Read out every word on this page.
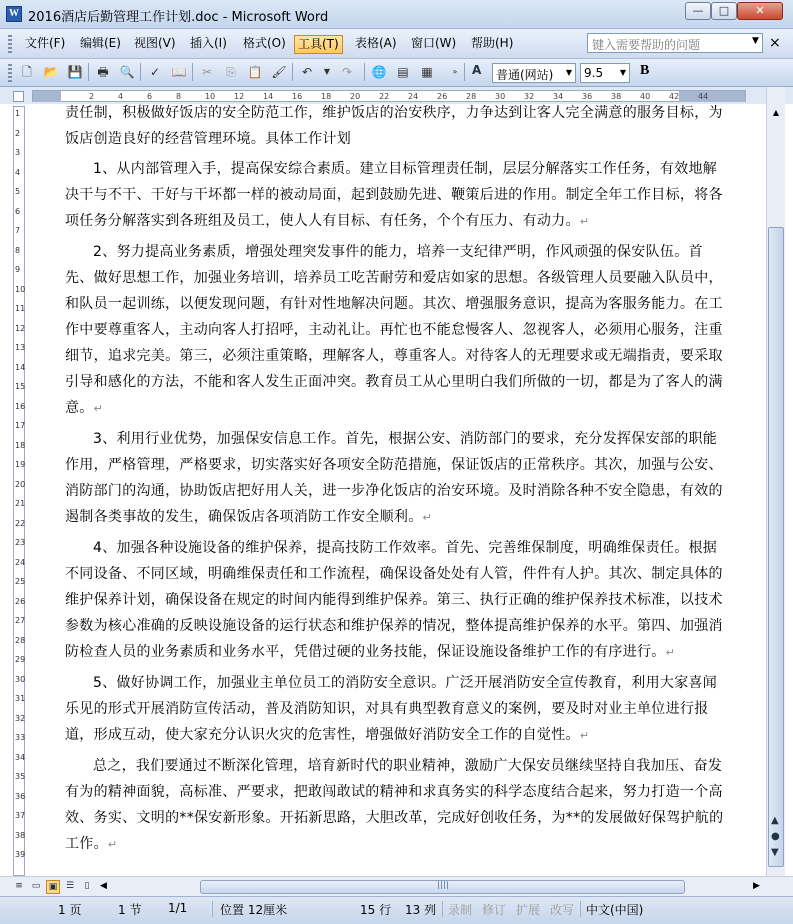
W 2016酒店后勤管理工作计划.doc - Microsoft Word	—	□	✕
文件(F) 编辑(E) 视图(V) 插入(I) 格式(O)	工具(T)	表格(A) 窗口(W) 帮助(H)	键入需要帮助的问题	▼ ×
🗋 📂 💾 🖶 🔍	✓ 📖	✂	⎘ 📋 🖌	↶	▼ ↷	🌐 ▤ ▦	»	A	普通(网站) ▼	9.5 ▼ B
2	4	6	8	10 12 14 16 18 20 22 24 26 28 30 32 34 36 38 40 42 44
1
2
3
4
5
6
7
8
9
10
11
12
13
14
15
16
17
18
19
20
21
22
23
24
25
26
27
28
29
30
31
32
33
34
35
36
37
38
39

责任制，积极做好饭店的安全防范工作，维护饭店的治安秩序，力争达到让客人完全满意的服务目标，为饭店创造良好的经营管理环境。具体工作计划

1、从内部管理入手，提高保安综合素质。建立目标管理责任制，层层分解落实工作任务，有效地解决干与不干、干好与干坏都一样的被动局面，起到鼓励先进、鞭策后进的作用。制定全年工作目标，将各项任务分解落实到各班组及员工，使人人有目标、有任务，个个有压力、有动力。↵

2、努力提高业务素质，增强处理突发事件的能力，培养一支纪律严明，作风顽强的保安队伍。首先、做好思想工作，加强业务培训，培养员工吃苦耐劳和爱店如家的思想。各级管理人员要融入队员中，和队员一起训练，以便发现问题，有针对性地解决问题。其次、增强服务意识，提高为客服务能力。在工作中要尊重客人，主动向客人打招呼，主动礼让。再忙也不能怠慢客人、忽视客人，必须用心服务，注重细节，追求完美。第三，必须注重策略，理解客人，尊重客人。对待客人的无理要求或无端指责，要采取引导和感化的方法，不能和客人发生正面冲突。教育员工从心里明白我们所做的一切，都是为了客人的满意。↵

3、利用行业优势，加强保安信息工作。首先，根据公安、消防部门的要求，充分发挥保安部的职能作用，严格管理，严格要求，切实落实好各项安全防范措施，保证饭店的正常秩序。其次，加强与公安、消防部门的沟通，协助饭店把好用人关，进一步净化饭店的治安环境。及时消除各种不安全隐患，有效的遏制各类事故的发生，确保饭店各项消防工作安全顺利。↵

4、加强各种设施设备的维护保养，提高技防工作效率。首先、完善维保制度，明确维保责任。根据不同设备、不同区域，明确维保责任和工作流程，确保设备处处有人管，件件有人护。其次、制定具体的维护保养计划，确保设备在规定的时间内能得到维护保养。第三、执行正确的维护保养技术标准，以技术参数为核心准确的反映设施设备的运行状态和维护保养的情况，整体提高维护保养的水平。第四、加强消防检查人员的业务素质和业务水平，凭借过硬的业务技能，保证设施设备维护工作的有序进行。↵

5、做好协调工作，加强业主单位员工的消防安全意识。广泛开展消防安全宣传教育，利用大家喜闻乐见的形式开展消防宣传活动，普及消防知识，对具有典型教育意义的案例，要及时对业主单位进行报道，形成互动，使大家充分认识火灾的危害性，增强做好消防安全工作的自觉性。↵

总之，我们要通过不断深化管理，培育新时代的职业精神，激励广大保安员继续坚持自我加压、奋发有为的精神面貌，高标准、严要求，把敢闯敢试的精神和求真务实的科学态度结合起来，努力打造一个高效、务实、文明的**保安新形象。开拓新思路，大胆改革，完成好创收任务，为**的发展做好保驾护航的工作。↵

▲
▲
●
▼
≡ ▭ ▣ ☰	▯	◀	▶
1 页	1 节 1/1	位置 12厘米	15 行 13 列 录制 修订 扩展 改写 中文(中国)
